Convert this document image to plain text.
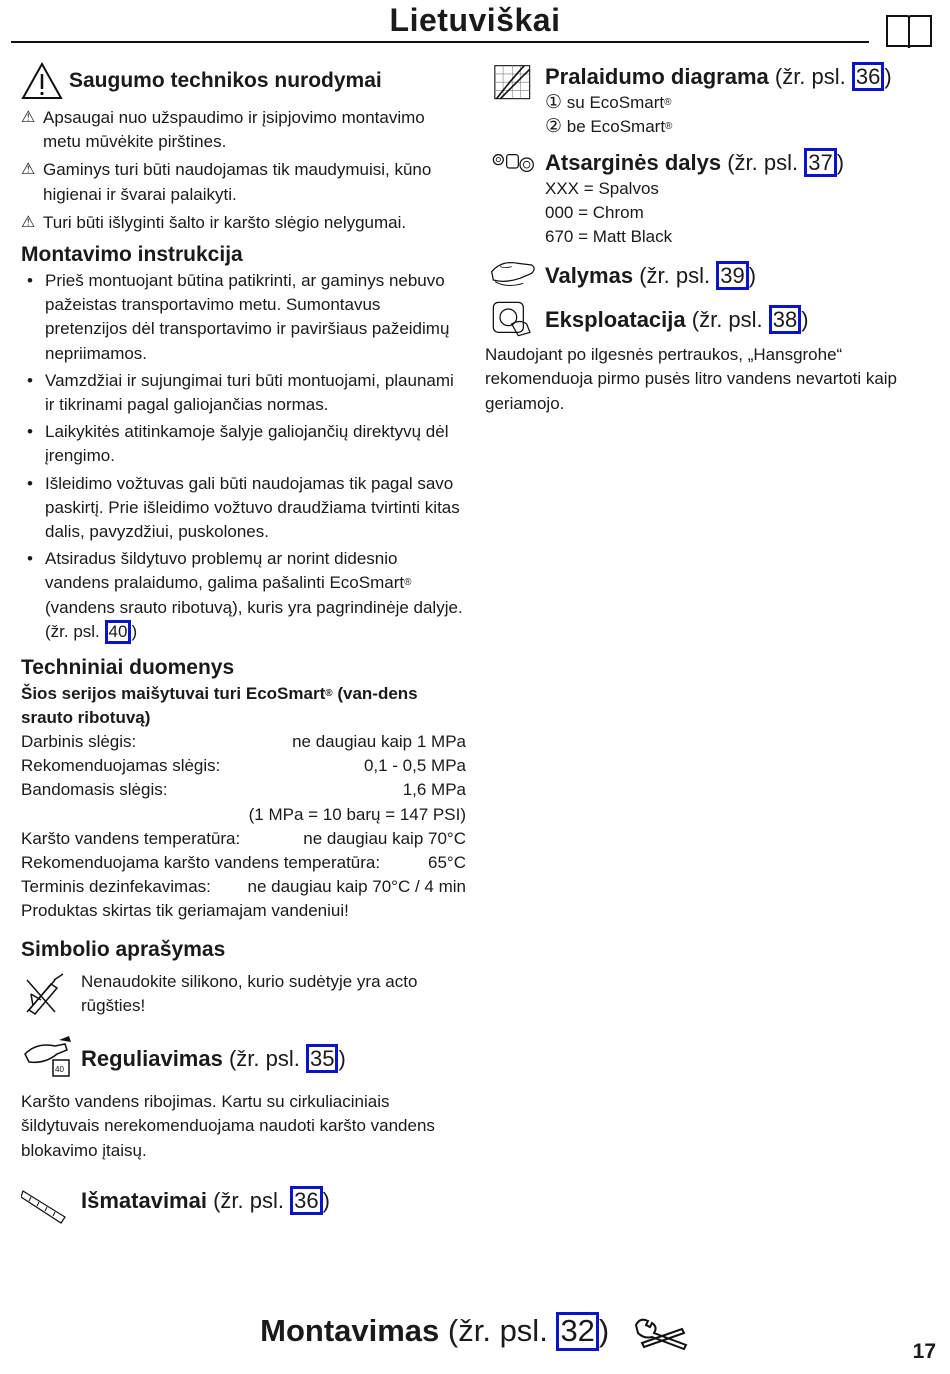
Lietuviškai
Saugumo technikos nurodymai
⚠ Apsaugai nuo užspaudimo ir įsipjovimo montavimo metu mūvėkite pirštines.
⚠ Gaminys turi būti naudojamas tik maudymuisi, kūno higienai ir švarai palaikyti.
⚠ Turi būti išlyginti šalto ir karšto slėgio nelygumai.
Montavimo instrukcija
• Prieš montuojant būtina patikrinti, ar gaminys nebuvo pažeistas transportavimo metu. Sumontavus pretenzijos dėl transportavimo ir paviršiaus pažeidimų nepriimamos.
• Vamzdžiai ir sujungimai turi būti montuojami, plaunami ir tikrinami pagal galiojančias normas.
• Laikykitės atitinkamoje šalyje galiojančių direktyvų dėl įrengimo.
• Išleidimo vožtuvas gali būti naudojamas tik pagal savo paskirtį. Prie išleidimo vožtuvo draudžiama tvirtinti kitas dalis, pavyzdžiui, puskolones.
• Atsiradus šildytuvo problemų ar norint didesnio vandens pralaidumo, galima pašalinti EcoSmart® (vandens srauto ribotuvą), kuris yra pagrindinėje dalyje. (žr. psl. 40 )
Techniniai duomenys
Šios serijos maišytuvai turi EcoSmart® (van-dens srauto ribotuvą)
Darbinis slėgis:	ne daugiau kaip 1 MPa
Rekomenduojamas slėgis:	0,1 - 0,5 MPa
Bandomasis slėgis:	1,6 MPa
(1 MPa = 10 barų = 147 PSI)
Karšto vandens temperatūra:	ne daugiau kaip 70°C
Rekomenduojama karšto vandens temperatūra:	65°C
Terminis dezinfekavimas: ne daugiau kaip 70°C / 4 min
Produktas skirtas tik geriamajam vandeniui!
Simbolio aprašymas
Nenaudokite silikono, kurio sudėtyje yra acto rūgšties!
40 Reguliavimas (žr. psl. 35 )
Karšto vandens ribojimas. Kartu su cirkuliaciniais šildytuvais nerekomenduojama naudoti karšto vandens blokavimo įtaisų.
Išmatavimai (žr. psl. 36 )
Pralaidumo diagrama (žr. psl. 36 )
① su EcoSmart®
② be EcoSmart®
Atsarginės dalys (žr. psl. 37 )
XXX = Spalvos
000 = Chrom
670 = Matt Black
Valymas (žr. psl. 39 )
Eksploatacija (žr. psl. 38 )
Naudojant po ilgesnės pertraukos, „Hansgrohe“ rekomenduoja pirmo pusės litro vandens nevartoti kaip geriamojo.
Montavimas (žr. psl. 32 )
17
